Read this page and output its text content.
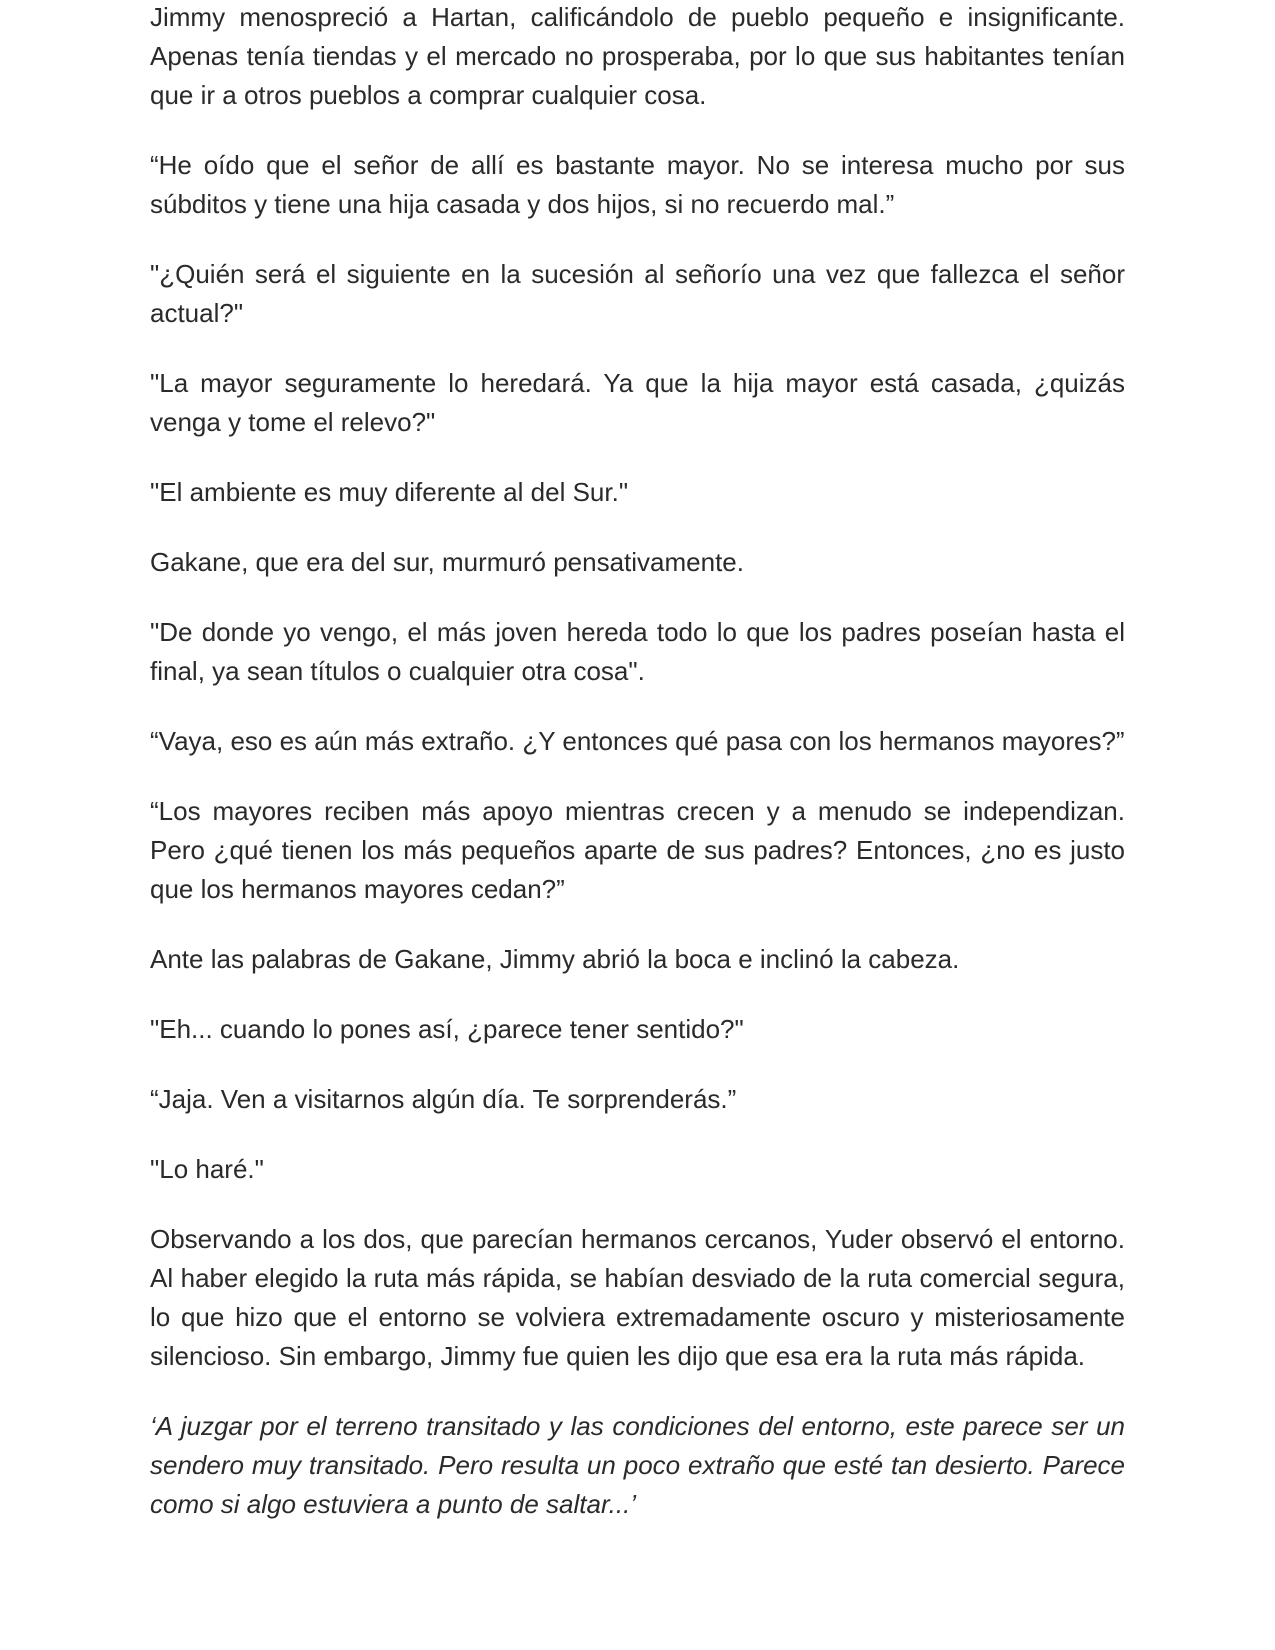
Jimmy menospreció a Hartan, calificándolo de pueblo pequeño e insignificante. Apenas tenía tiendas y el mercado no prosperaba, por lo que sus habitantes tenían que ir a otros pueblos a comprar cualquier cosa.

“He oído que el señor de allí es bastante mayor. No se interesa mucho por sus súbditos y tiene una hija casada y dos hijos, si no recuerdo mal.”

"¿Quién será el siguiente en la sucesión al señorío una vez que fallezca el señor actual?"

"La mayor seguramente lo heredará. Ya que la hija mayor está casada, ¿quizás venga y tome el relevo?"

"El ambiente es muy diferente al del Sur."

Gakane, que era del sur, murmuró pensativamente.

"De donde yo vengo, el más joven hereda todo lo que los padres poseían hasta el final, ya sean títulos o cualquier otra cosa".

“Vaya, eso es aún más extraño. ¿Y entonces qué pasa con los hermanos mayores?”

“Los mayores reciben más apoyo mientras crecen y a menudo se independizan. Pero ¿qué tienen los más pequeños aparte de sus padres? Entonces, ¿no es justo que los hermanos mayores cedan?”

Ante las palabras de Gakane, Jimmy abrió la boca e inclinó la cabeza.

"Eh... cuando lo pones así, ¿parece tener sentido?"

“Jaja. Ven a visitarnos algún día. Te sorprenderás.”

"Lo haré."

Observando a los dos, que parecían hermanos cercanos, Yuder observó el entorno. Al haber elegido la ruta más rápida, se habían desviado de la ruta comercial segura, lo que hizo que el entorno se volviera extremadamente oscuro y misteriosamente silencioso. Sin embargo, Jimmy fue quien les dijo que esa era la ruta más rápida.

‘A juzgar por el terreno transitado y las condiciones del entorno, este parece ser un sendero muy transitado. Pero resulta un poco extraño que esté tan desierto. Parece como si algo estuviera a punto de saltar...’
